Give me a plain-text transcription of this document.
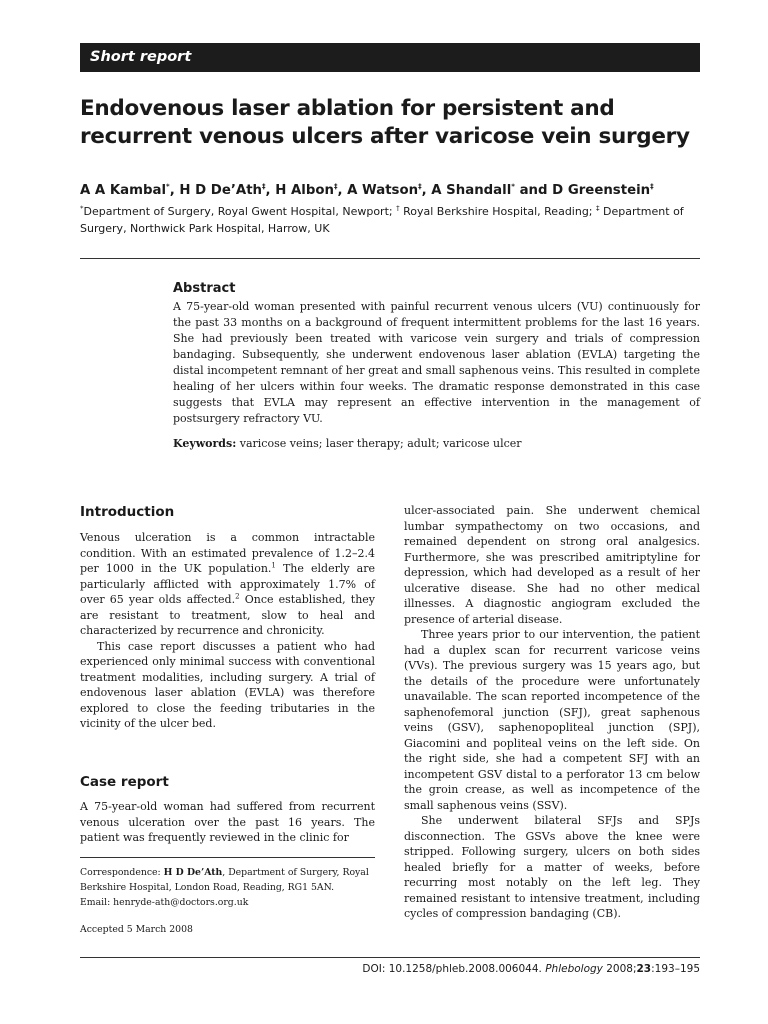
Short report
Endovenous laser ablation for persistent and
recurrent venous ulcers after varicose vein surgery
A A Kambal*, H D De’Ath‡, H Albon‡, A Watson‡, A Shandall* and D Greenstein‡
*Department of Surgery, Royal Gwent Hospital, Newport; † Royal Berkshire Hospital, Reading; ‡ Department of Surgery, Northwick Park Hospital, Harrow, UK
Abstract

A 75-year-old woman presented with painful recurrent venous ulcers (VU) continuously for the past 33 months on a background of frequent intermittent problems for the last 16 years. She had previously been treated with varicose vein surgery and trials of compression bandaging. Subsequently, she underwent endovenous laser ablation (EVLA) targeting the distal incompetent remnant of her great and small saphenous veins. This resulted in complete healing of her ulcers within four weeks. The dramatic response demonstrated in this case suggests that EVLA may represent an effective intervention in the management of postsurgery refractory VU.

Keywords: varicose veins; laser therapy; adult; varicose ulcer
Introduction

Venous ulceration is a common intractable condition. With an estimated prevalence of 1.2–2.4 per 1000 in the UK population.$^1$ The elderly are particularly afflicted with approximately 1.7% of over 65 year olds affected.$^2$ Once established, they are resistant to treatment, slow to heal and characterized by recurrence and chronicity.

This case report discusses a patient who had experienced only minimal success with conventional treatment modalities, including surgery. A trial of endovenous laser ablation (EVLA) was therefore explored to close the feeding tributaries in the vicinity of the ulcer bed.

Case report

A 75-year-old woman had suffered from recurrent venous ulceration over the past 16 years. The patient was frequently reviewed in the clinic for

Correspondence: H D De’Ath, Department of Surgery, Royal Berkshire Hospital, London Road, Reading, RG1 5AN.
Email: henryde-ath@doctors.org.uk
Accepted 5 March 2008

ulcer-associated pain. She underwent chemical lumbar sympathectomy on two occasions, and remained dependent on strong oral analgesics. Furthermore, she was prescribed amitriptyline for depression, which had developed as a result of her ulcerative disease. She had no other medical illnesses. A diagnostic angiogram excluded the presence of arterial disease.

Three years prior to our intervention, the patient had a duplex scan for recurrent varicose veins (VVs). The previous surgery was 15 years ago, but the details of the procedure were unfortunately unavailable. The scan reported incompetence of the saphenofemoral junction (SFJ), great saphenous veins (GSV), saphenopopliteal junction (SPJ), Giacomini and popliteal veins on the left side. On the right side, she had a competent SFJ with an incompetent GSV distal to a perforator 13 cm below the groin crease, as well as incompetence of the small saphenous veins (SSV).

She underwent bilateral SFJs and SPJs disconnection. The GSVs above the knee were stripped. Following surgery, ulcers on both sides healed briefly for a matter of weeks, before recurring most notably on the left leg. They remained resistant to intensive treatment, including cycles of compression bandaging (CB).

DOI: 10.1258/phleb.2008.006044. Phlebology 2008;23:193–195
